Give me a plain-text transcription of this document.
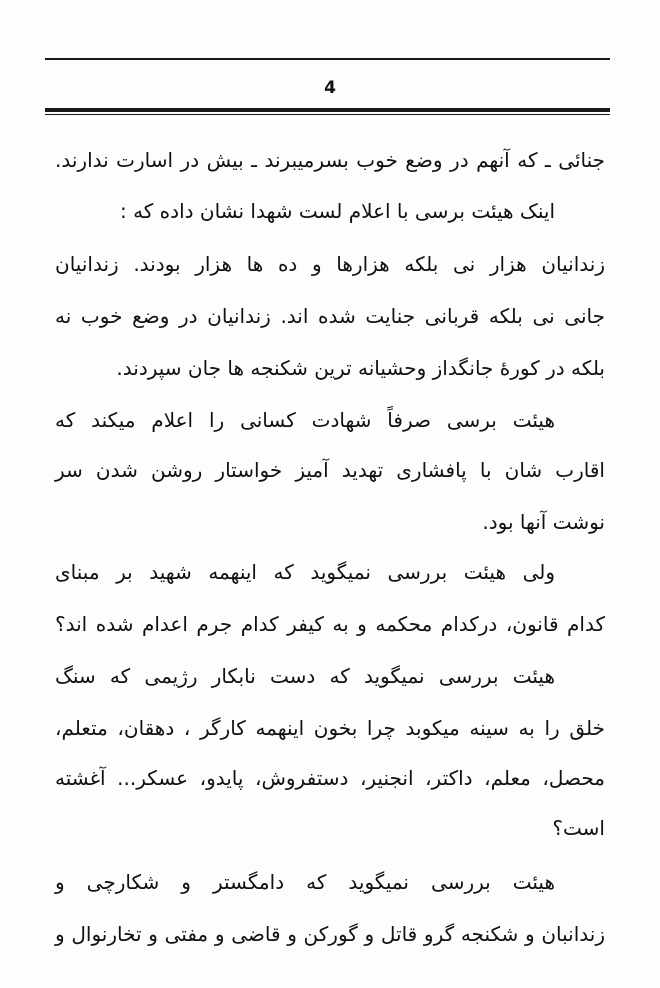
4
جنائی ـ که آنهم در وضع خوب بسرمیبرند ـ بیش در اسارت ندارند.
اینک هیئت برسی با اعلام لست شهدا نشان داده که :
زندانیان هزار نی بلکه هزارها و ده ها هزار بودند. زندانیان
جانی نی بلکه قربانی جنایت شده اند. زندانیان در وضع خوب نه
بلکه در کورهٔ جانگداز وحشیانه ترین شکنجه ها جان سپردند.
هیئت برسی صرفاً شهادت کسانی را اعلام میکند که
اقارب شان با پافشاری تهدید آمیز خواستار روشن شدن سر
نوشت آنها بود.
ولی هیئت بررسی نمیگوید که اینهمه شهید بر مبنای
کدام قانون، درکدام محکمه و به کیفر کدام جرم اعدام شده اند؟
هیئت بررسی نمیگوید که دست نابکار رژیمی که سنگ
خلق را به سینه میکوبد چرا بخون اینهمه کارگر ، دهقان، متعلم،
محصل، معلم، داکتر، انجنیر، دستفروش، پایدو، عسکر... آغشته
است؟
هیئت بررسی نمیگوید که دامگستر و شکارچی و
زندانبان و شکنجه گرو قاتل و گورکن و قاضی و مفتی و تخارنوال و
